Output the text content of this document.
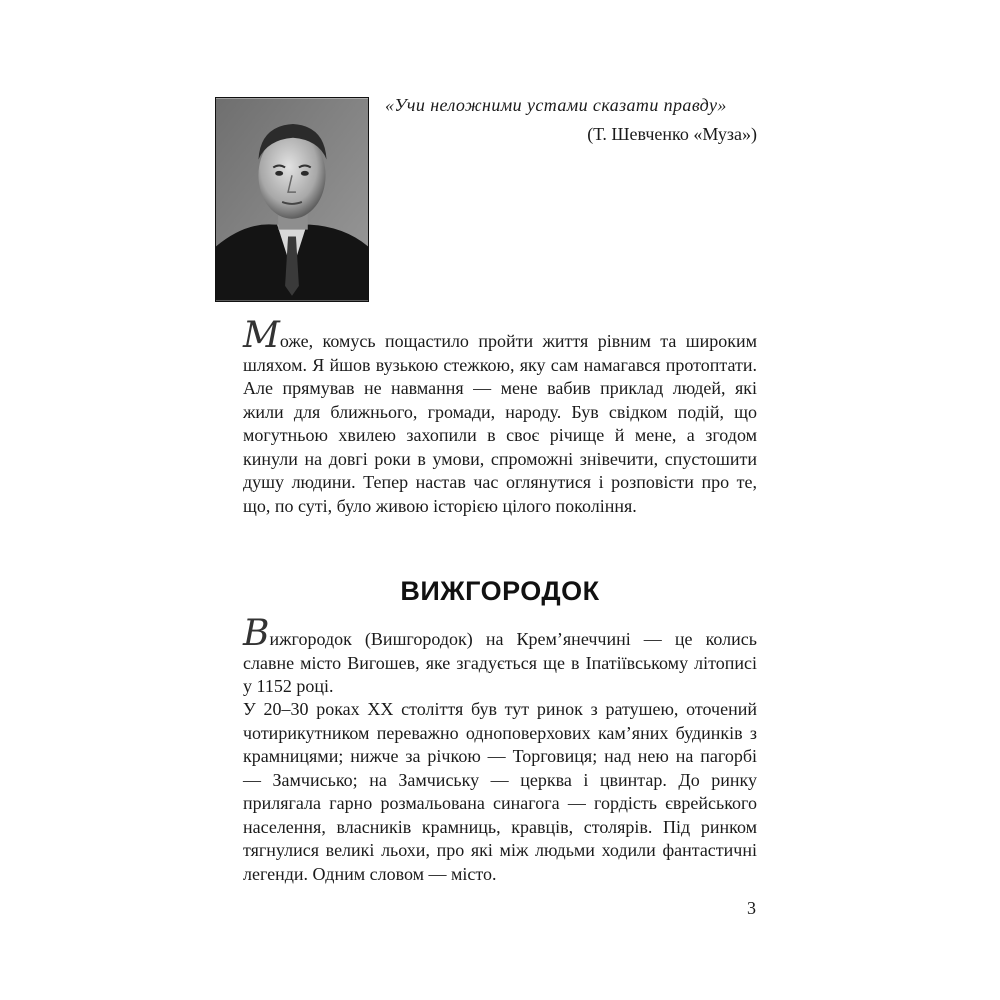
«Учи неложними устами сказати правду»
(Т. Шевченко «Муза»)
Може, комусь пощастило пройти життя рівним та широким шляхом. Я йшов вузькою стежкою, яку сам намагався протоптати. Але прямував не навмання — мене вабив приклад людей, які жили для ближнього, громади, народу. Був свідком подій, що могутньою хвилею захопили в своє річище й мене, а згодом кинули на довгі роки в умови, спроможні знівечити, спустошити душу людини. Тепер настав час оглянутися і розповісти про те, що, по суті, було живою історією цілого покоління.
ВИЖГОРОДОК
Вижгородок (Вишгородок) на Крем’янеччині — це колись славне місто Вигошев, яке згадується ще в Іпатіївському літописі у 1152 році.
У 20–30 роках XX століття був тут ринок з ратушею, оточений чотирикутником переважно одноповерхових кам’яних будинків з крамницями; нижче за річкою — Торговиця; над нею на пагорбі — Замчисько; на Замчиську — церква і цвинтар. До ринку прилягала гарно розмальована синагога — гордість єврейського населення, власників крамниць, кравців, столярів. Під ринком тягнулися великі льохи, про які між людьми ходили фантастичні легенди. Одним словом — місто.
3
